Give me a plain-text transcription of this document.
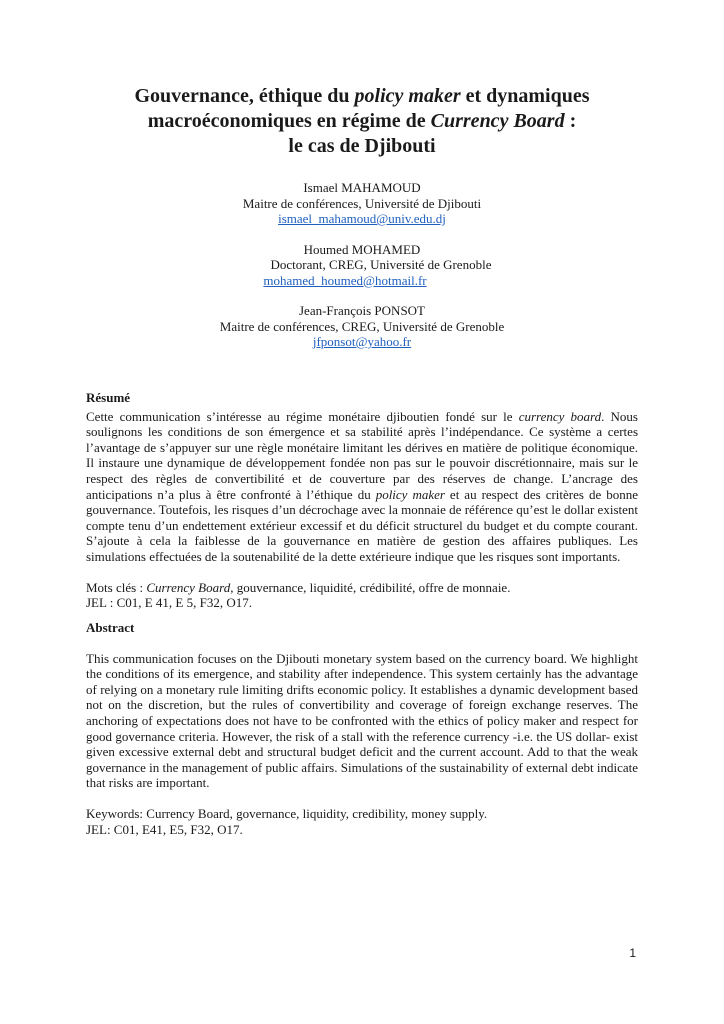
Gouvernance, éthique du policy maker et dynamiques
macroéconomiques en régime de Currency Board :
le cas de Djibouti
Ismael MAHAMOUD
Maitre de conférences, Université de Djibouti
ismael_mahamoud@univ.edu.dj
Houmed MOHAMED
Doctorant, CREG, Université de Grenoble
mohamed_houmed@hotmail.fr
Jean-François PONSOT
Maitre de conférences, CREG, Université de Grenoble
jfponsot@yahoo.fr
Résumé

Cette communication s’intéresse au régime monétaire djiboutien fondé sur le currency board. Nous soulignons les conditions de son émergence et sa stabilité après l’indépendance. Ce système a certes l’avantage de s’appuyer sur une règle monétaire limitant les dérives en matière de politique économique. Il instaure une dynamique de développement fondée non pas sur le pouvoir discrétionnaire, mais sur le respect des règles de convertibilité et de couverture par des réserves de change. L’ancrage des anticipations n’a plus à être confronté à l’éthique du policy maker et au respect des critères de bonne gouvernance. Toutefois, les risques d’un décrochage avec la monnaie de référence qu’est le dollar existent compte tenu d’un endettement extérieur excessif et du déficit structurel du budget et du compte courant. S’ajoute à cela la faiblesse de la gouvernance en matière de gestion des affaires publiques. Les simulations effectuées de la soutenabilité de la dette extérieure indique que les risques sont importants.

Mots clés : Currency Board, gouvernance, liquidité, crédibilité, offre de monnaie.

JEL : C01, E 41, E 5, F32, O17.

Abstract

This communication focuses on the Djibouti monetary system based on the currency board. We highlight the conditions of its emergence, and stability after independence. This system certainly has the advantage of relying on a monetary rule limiting drifts economic policy. It establishes a dynamic development based not on the discretion, but the rules of convertibility and coverage of foreign exchange reserves. The anchoring of expectations does not have to be confronted with the ethics of policy maker and respect for good governance criteria. However, the risk of a stall with the reference currency -i.e. the US dollar- exist given excessive external debt and structural budget deficit and the current account. Add to that the weak governance in the management of public affairs. Simulations of the sustainability of external debt indicate that risks are important.

Keywords: Currency Board, governance, liquidity, credibility, money supply.

JEL: C01, E41, E5, F32, O17.

1
